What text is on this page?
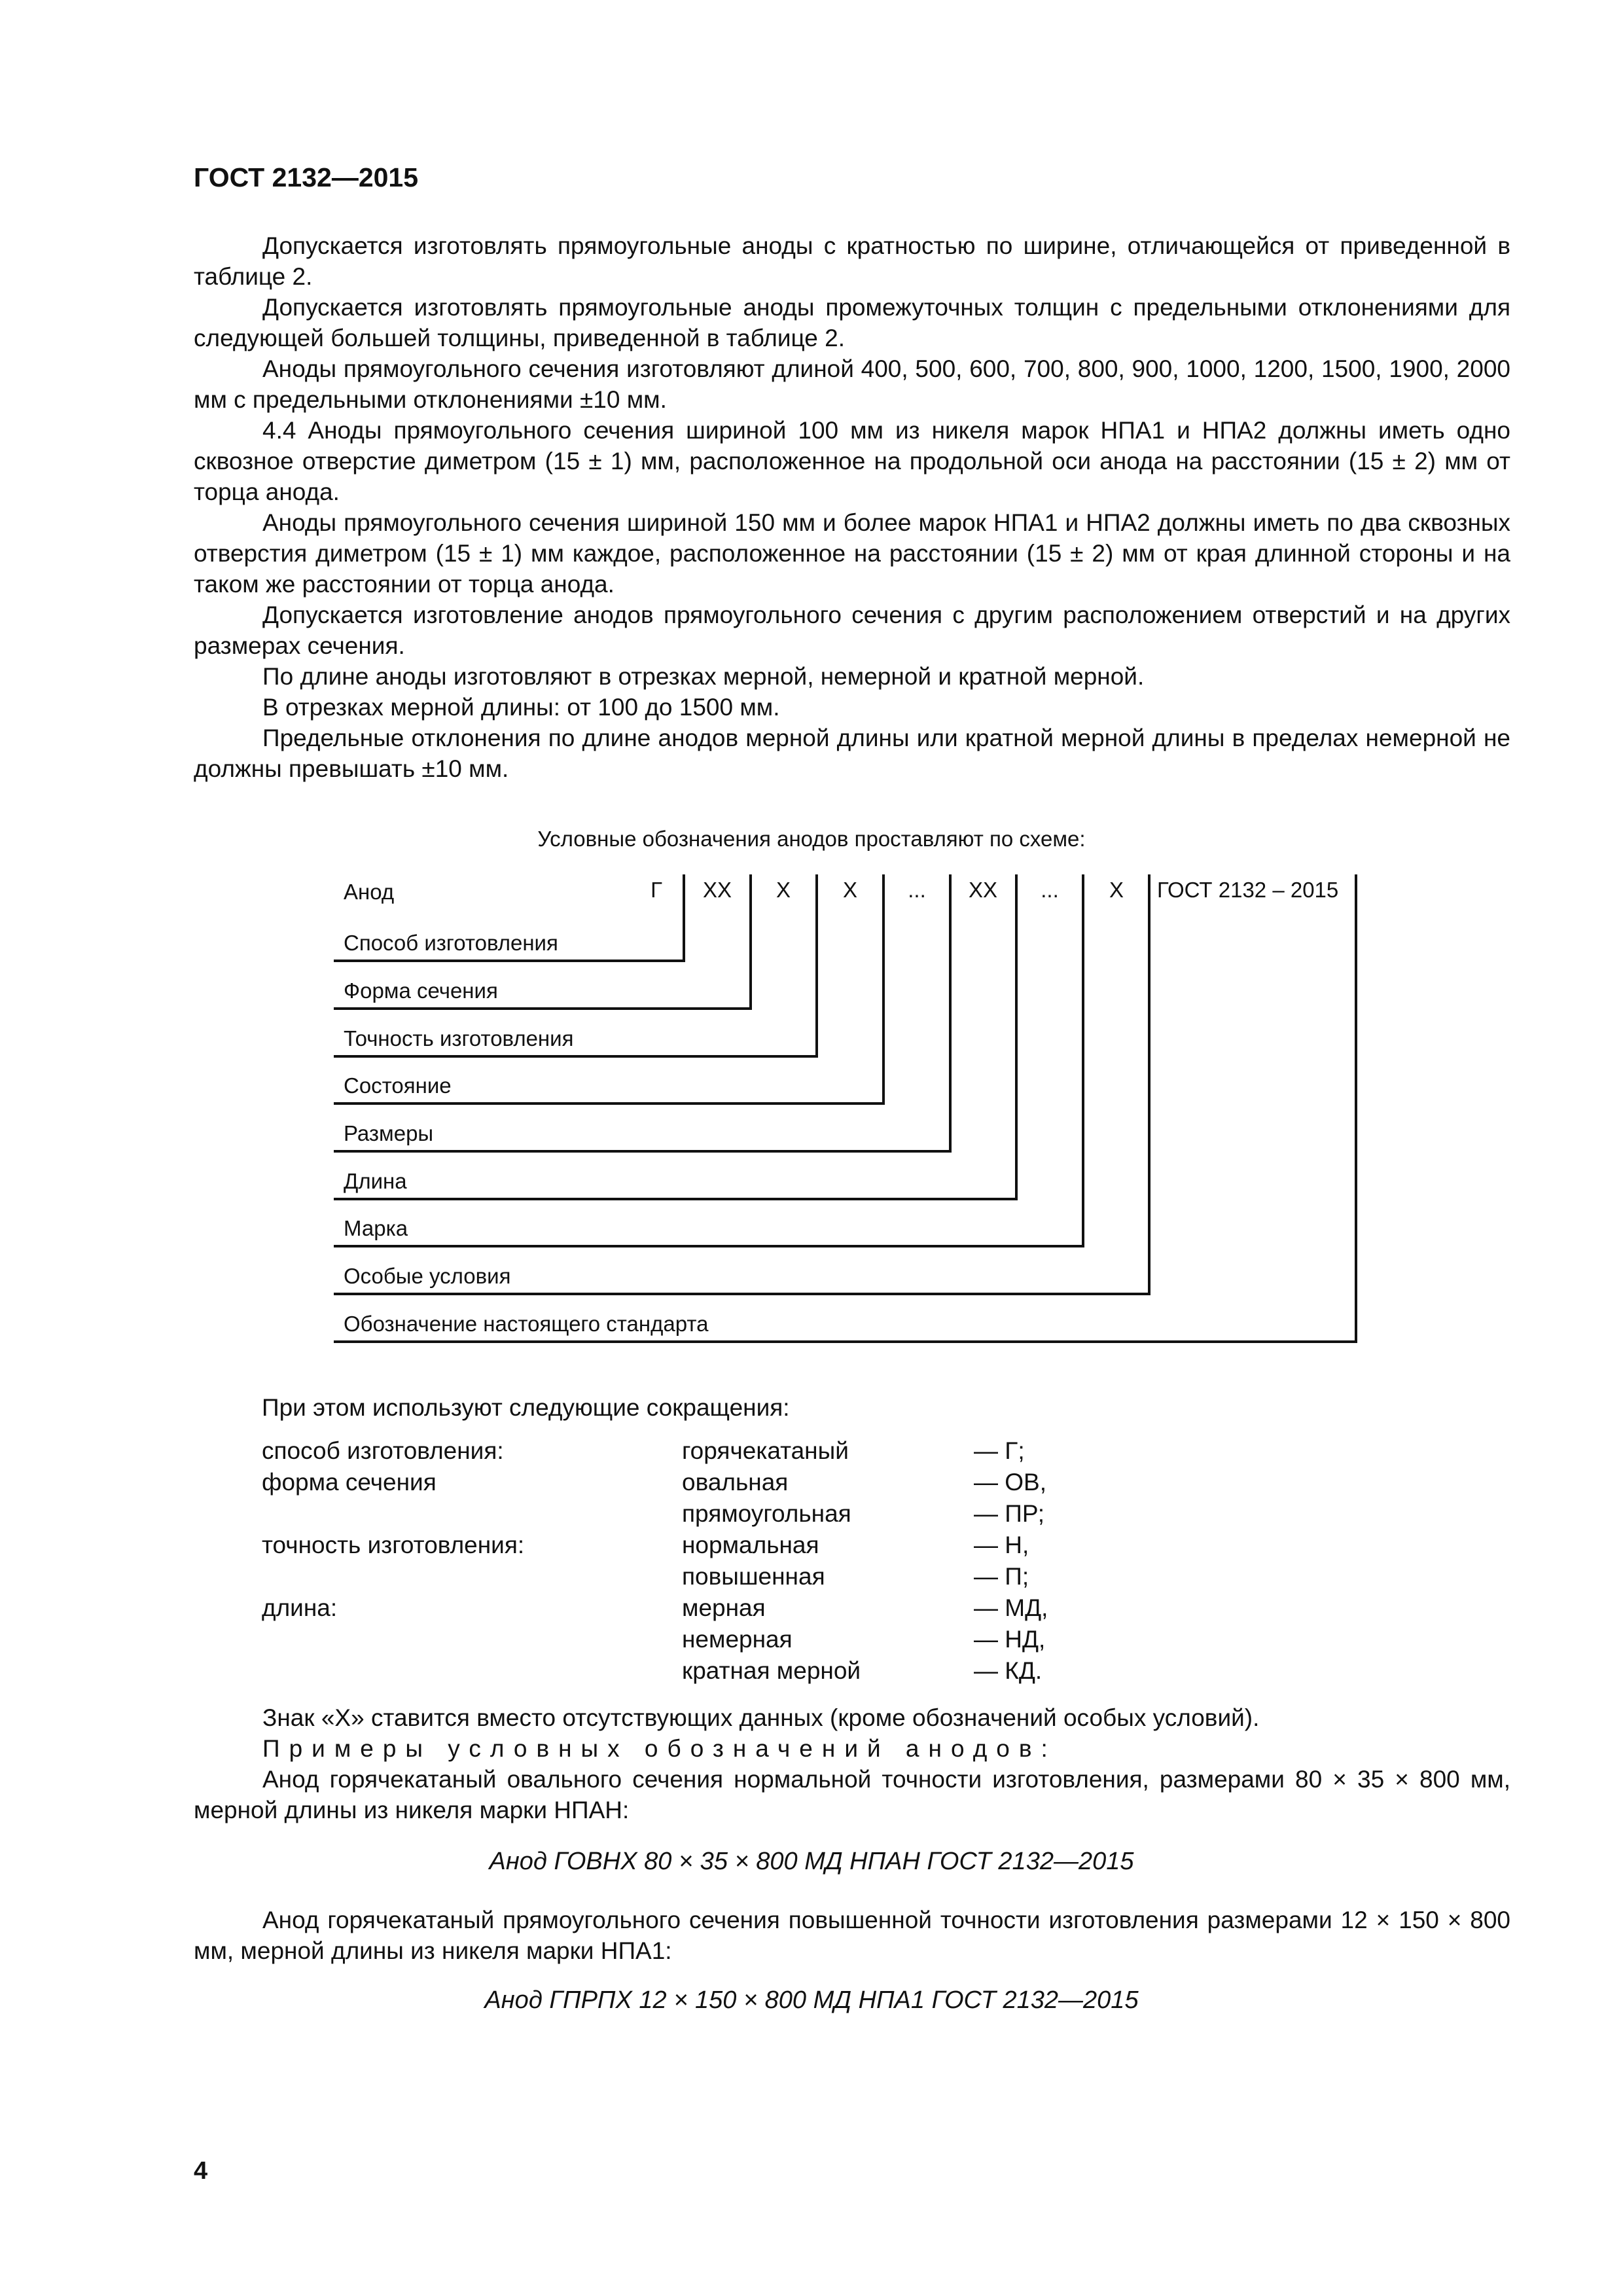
ГОСТ 2132—2015

Допускается изготовлять прямоугольные аноды с кратностью по ширине, отличающейся от приведенной в таблице 2.

Допускается изготовлять прямоугольные аноды промежуточных толщин с предельными отклонениями для следующей большей толщины, приведенной в таблице 2.

Аноды прямоугольного сечения изготовляют длиной 400, 500, 600, 700, 800, 900, 1000, 1200, 1500, 1900, 2000 мм с предельными отклонениями ±10 мм.

4.4 Аноды прямоугольного сечения шириной 100 мм из никеля марок НПА1 и НПА2 должны иметь одно сквозное отверстие диметром (15 ± 1) мм, расположенное на продольной оси анода на расстоянии (15 ± 2) мм от торца анода.

Аноды прямоугольного сечения шириной 150 мм и более марок НПА1 и НПА2 должны иметь по два сквозных отверстия диметром (15 ± 1) мм каждое, расположенное на расстоянии (15 ± 2) мм от края длинной стороны и на таком же расстоянии от торца анода.

Допускается изготовление анодов прямоугольного сечения с другим расположением отверстий и на других размерах сечения.

По длине аноды изготовляют в отрезках мерной, немерной и кратной мерной.

В отрезках мерной длины: от 100 до 1500 мм.

Предельные отклонения по длине анодов мерной длины или кратной мерной длины в пределах немерной не должны превышать ±10 мм.

Условные обозначения анодов проставляют по схеме:
Анод	Г ХХ Х Х ... ХХ ... Х ГОСТ 2132 – 2015
Способ изготовления
Форма сечения
Точность изготовления
Состояние
Размеры
Длина
Марка
Особые условия
Обозначение настоящего стандарта
При этом используют следующие сокращения:
способ изготовления:
форма сечения
точность изготовления:
длина:
горячекатаный
овальная
прямоугольная
нормальная
повышенная
мерная
немерная
кратная мерной
— Г;
— ОВ,
— ПР;
— Н,
— П;
— МД,
— НД,
— КД.

Знак «Х» ставится вместо отсутствующих данных (кроме обозначений особых условий).

Примеры условных обозначений анодов:

Анод горячекатаный овального сечения нормальной точности изготовления, размерами 80 × 35 × 800 мм, мерной длины из никеля марки НПАН:

Анод ГОВНХ 80 × 35 × 800 МД НПАН ГОСТ 2132—2015

Анод горячекатаный прямоугольного сечения повышенной точности изготовления размерами 12 × 150 × 800 мм, мерной длины из никеля марки НПА1:

Анод ГПРПХ 12 × 150 × 800 МД НПА1 ГОСТ 2132—2015
4
